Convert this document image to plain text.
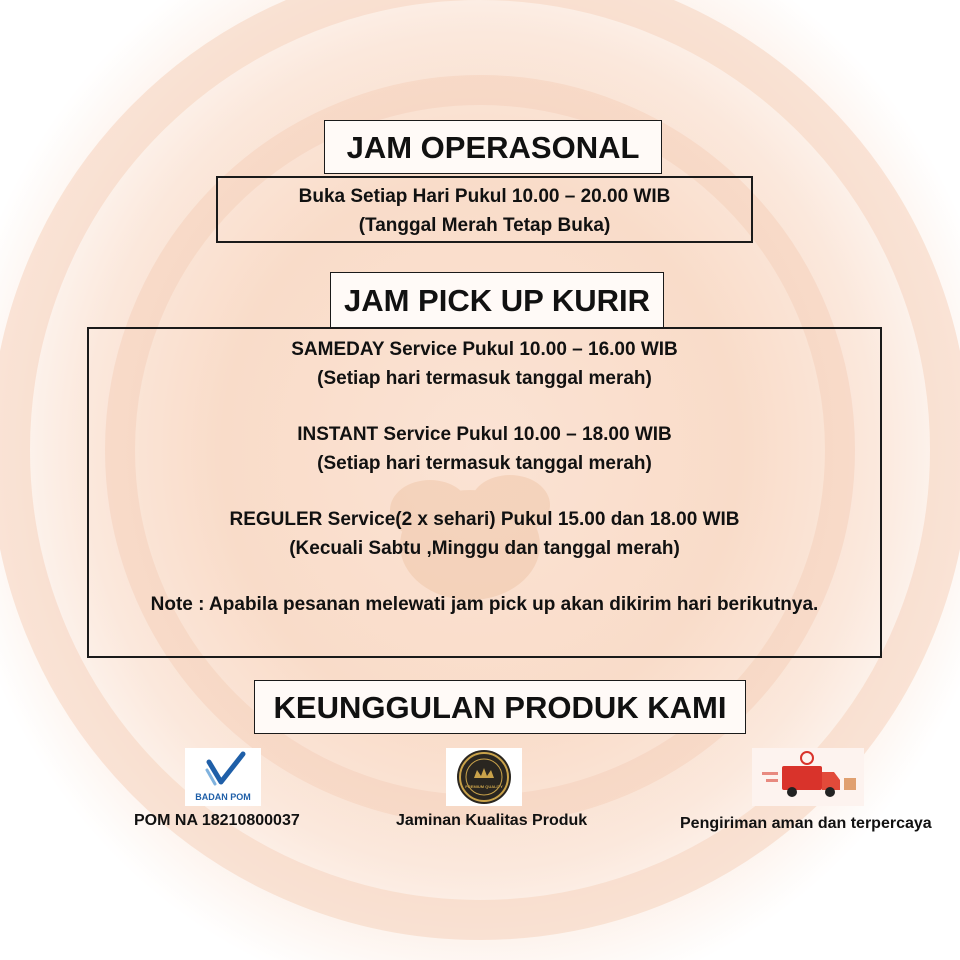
JAM OPERASONAL
Buka Setiap Hari Pukul 10.00 – 20.00 WIB
(Tanggal Merah Tetap Buka)
JAM PICK UP KURIR

SAMEDAY Service Pukul 10.00 – 16.00 WIB

(Setiap hari termasuk tanggal merah)

INSTANT Service Pukul 10.00 – 18.00 WIB

(Setiap hari termasuk tanggal merah)

REGULER Service(2 x sehari) Pukul 15.00 dan 18.00 WIB

(Kecuali Sabtu ,Minggu dan tanggal merah)

Note : Apabila pesanan melewati jam pick up akan dikirim hari berikutnya.

KEUNGGULAN PRODUK KAMI
BADAN POM
POM NA 18210800037
PREMIUM QUALITY
Jaminan Kualitas Produk	Pengiriman aman dan terpercaya
